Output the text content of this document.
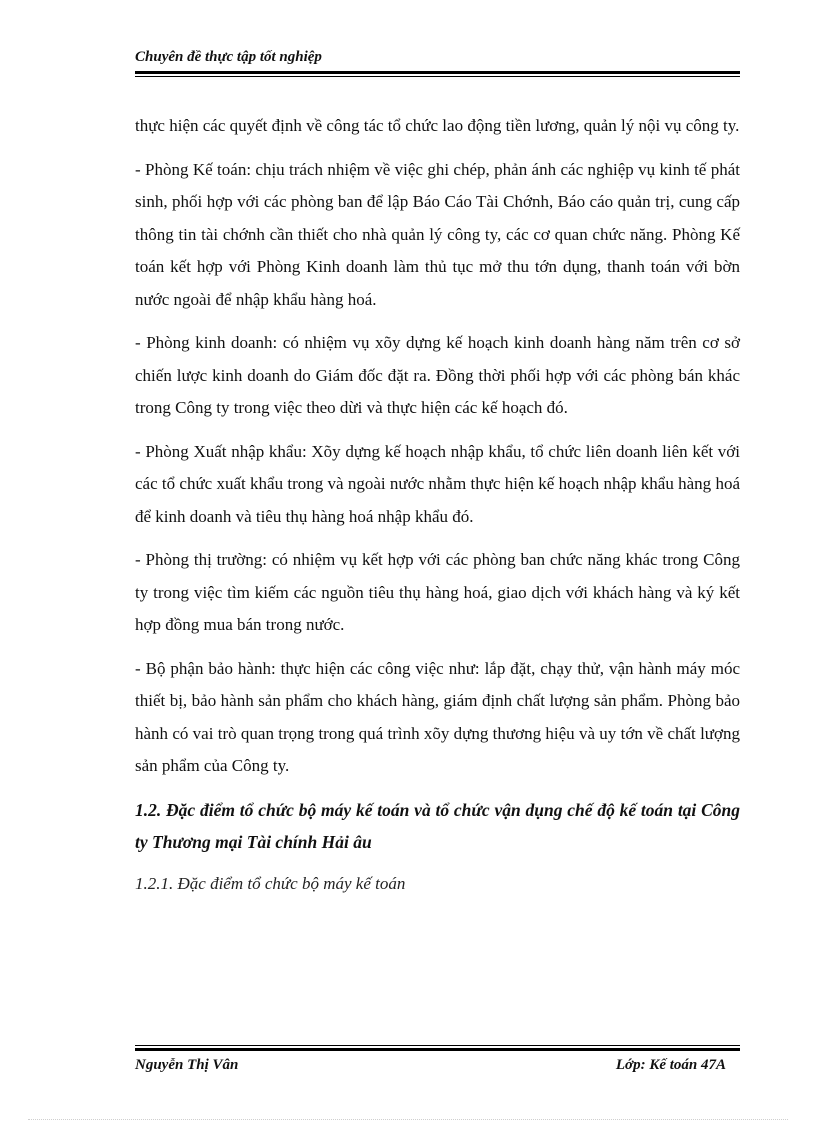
Chuyên đề thực tập tốt nghiệp

thực hiện các quyết định về công tác tổ chức lao động tiền lương, quản lý nội vụ công ty.

- Phòng Kế toán: chịu trách nhiệm về việc ghi chép, phản ánh các nghiệp vụ kinh tế phát sinh, phối hợp với các phòng ban để lập Báo Cáo Tài Chớnh, Báo cáo quản trị, cung cấp thông tin tài chớnh cần thiết cho nhà quản lý công ty, các cơ quan chức năng. Phòng Kế toán kết hợp với Phòng Kinh doanh làm thủ tục mở thu tớn dụng, thanh toán với bờn nước ngoài để nhập khẩu hàng hoá.

- Phòng kinh doanh: có nhiệm vụ xõy dựng kế hoạch kinh doanh hàng năm trên cơ sở chiến lược kinh doanh do Giám đốc đặt ra. Đồng thời phối hợp với các phòng bán khác trong Công ty trong việc theo dừi và thực hiện các kế hoạch đó.

- Phòng Xuất nhập khẩu: Xõy dựng kế hoạch nhập khẩu, tổ chức liên doanh liên kết với các tổ chức xuất khẩu trong và ngoài nước nhằm thực hiện kế hoạch nhập khẩu hàng hoá để kinh doanh và tiêu thụ hàng hoá nhập khẩu đó.

- Phòng thị trường: có nhiệm vụ kết hợp với các phòng ban chức năng khác trong Công ty trong việc tìm kiếm các nguồn tiêu thụ hàng hoá, giao dịch với khách hàng và ký kết hợp đồng mua bán trong nước.

- Bộ phận bảo hành: thực hiện các công việc như: lắp đặt, chạy thử, vận hành máy móc thiết bị, bảo hành sản phẩm cho khách hàng, giám định chất lượng sản phẩm. Phòng bảo hành có vai trò quan trọng trong quá trình xõy dựng thương hiệu và uy tớn về chất lượng sản phẩm của Công ty.

1.2. Đặc điểm tổ chức bộ máy kế toán và tổ chức vận dụng chế độ kế toán tại Công ty Thương mại Tài chính Hải âu

1.2.1. Đặc điểm tổ chức bộ máy kế toán

Nguyễn Thị Vân	Lớp: Kế toán 47A
